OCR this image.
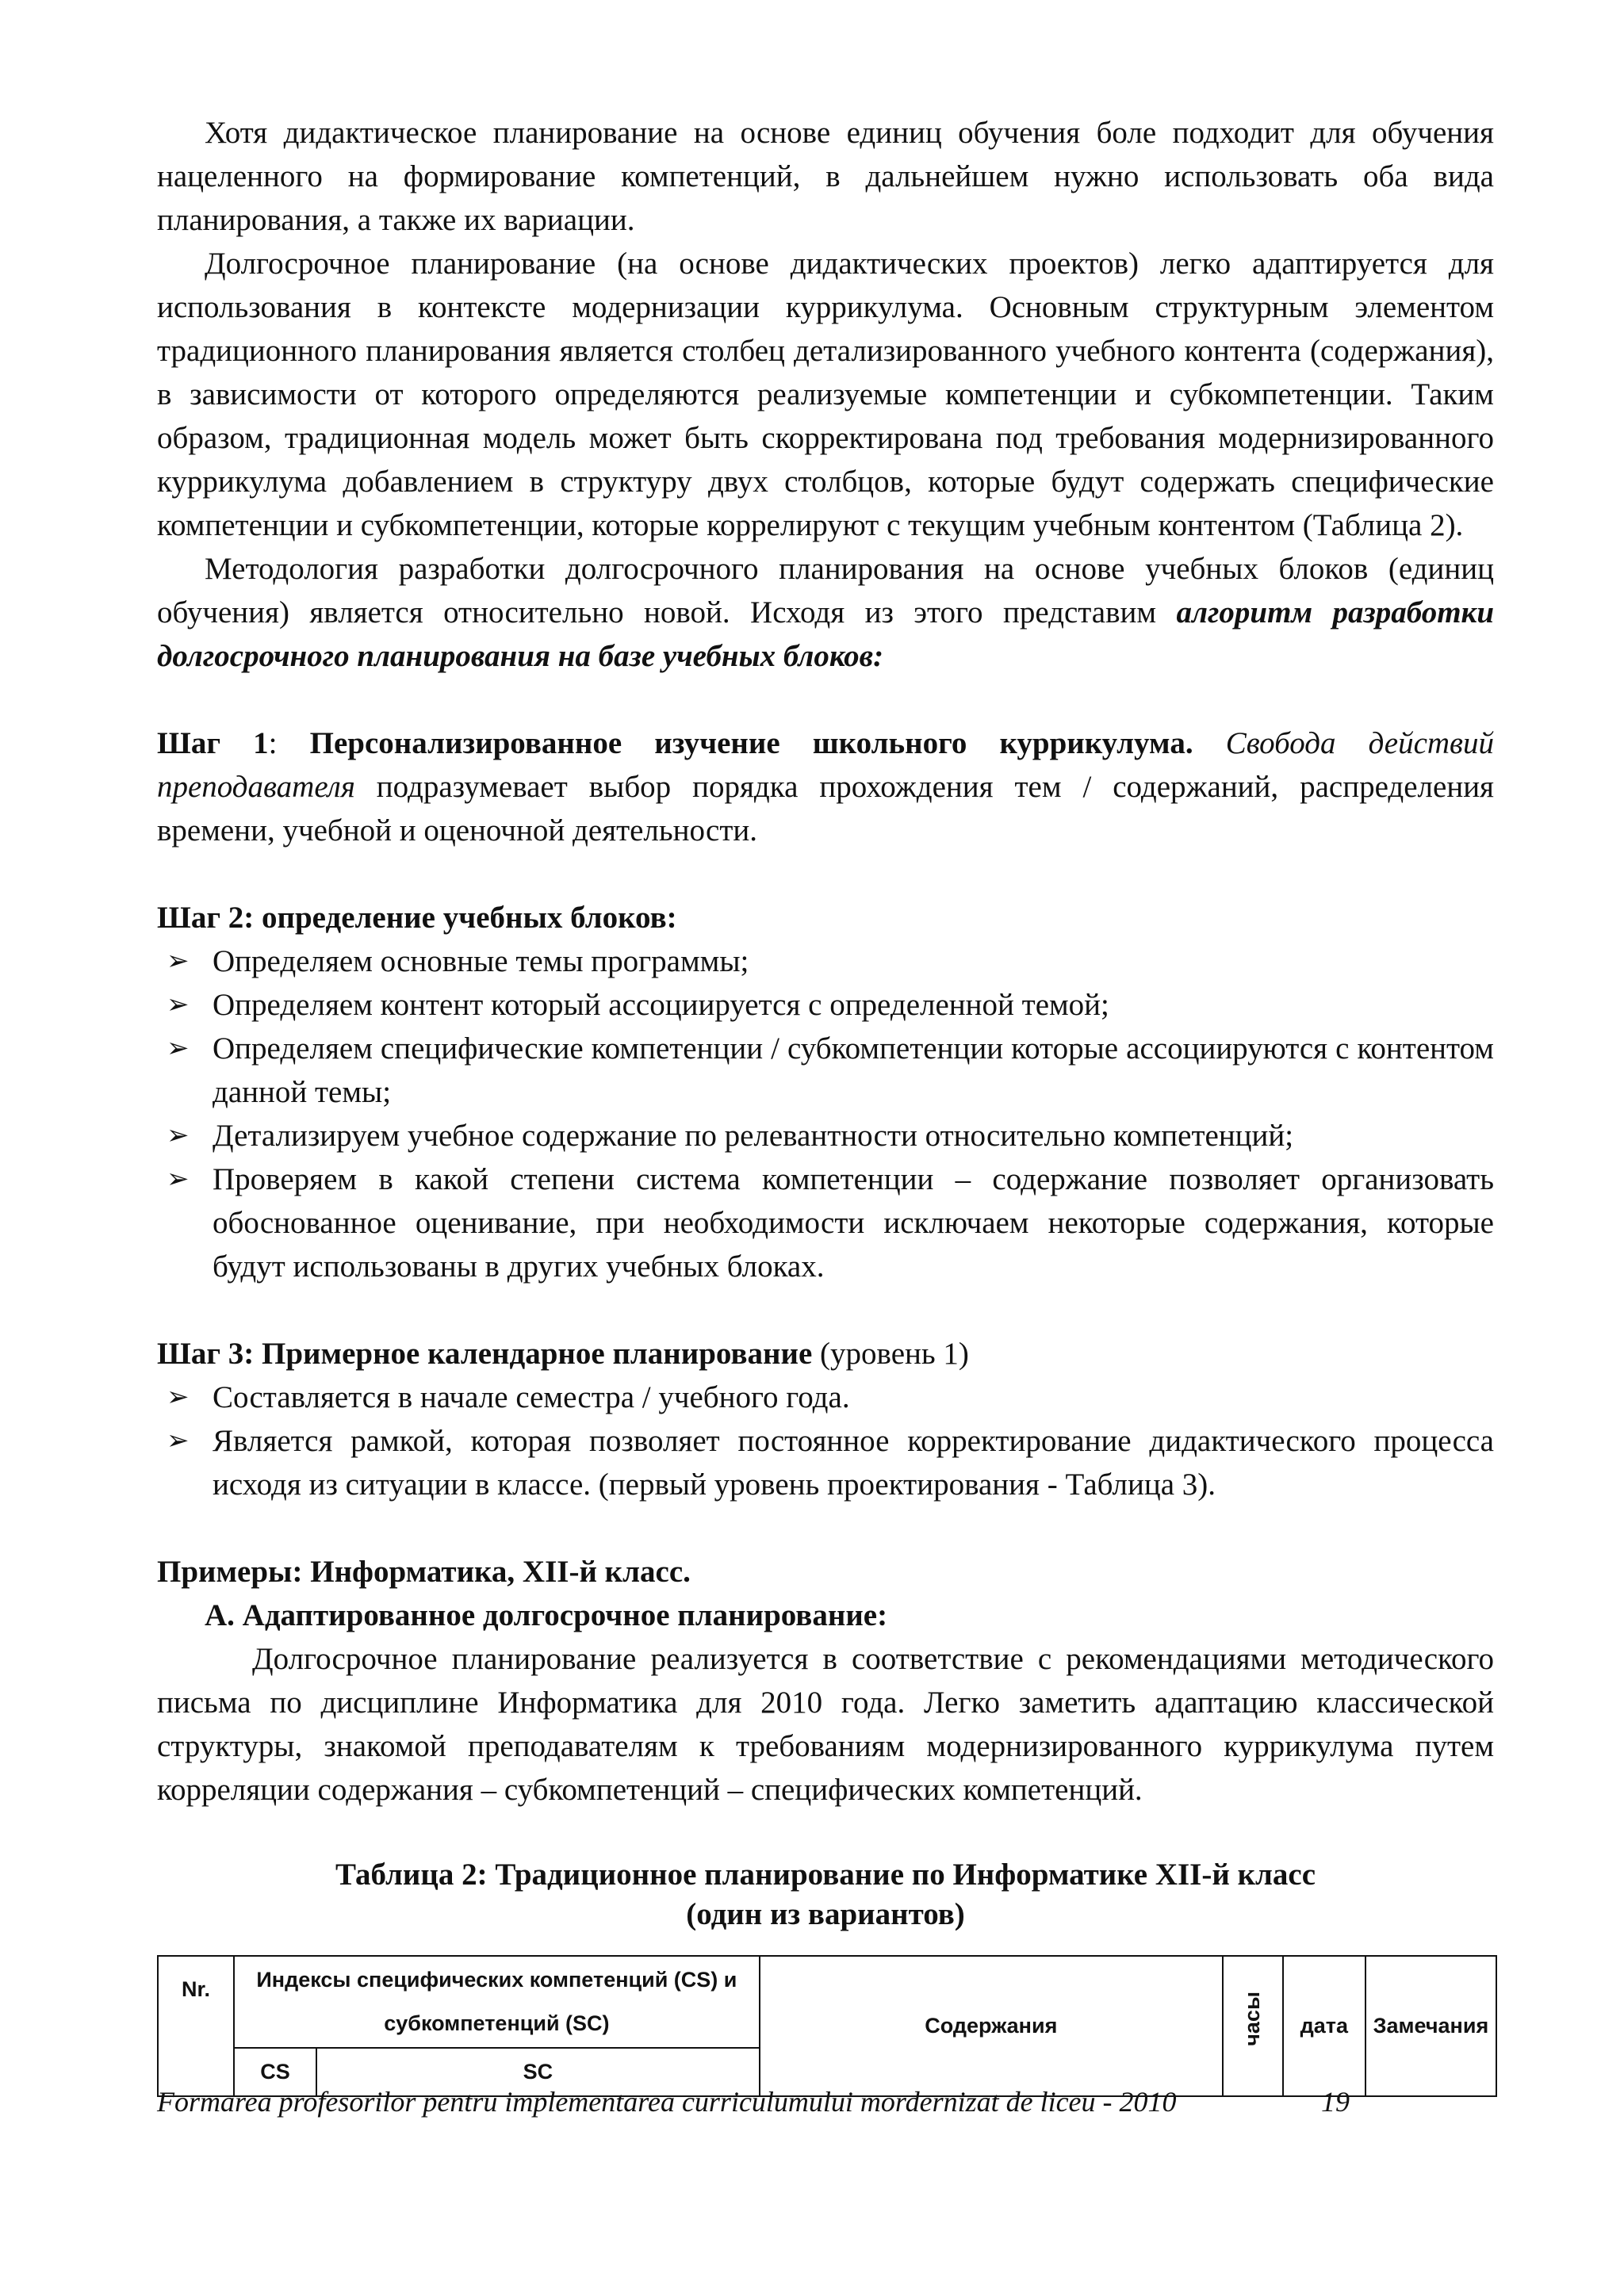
Хотя дидактическое планирование на основе единиц обучения боле подходит для обучения нацеленного на формирование компетенций, в дальнейшем нужно использовать оба вида планирования, а также их вариации.

Долгосрочное планирование (на основе дидактических проектов) легко адаптируется для использования в контексте модернизации куррикулума. Основным структурным элементом традиционного планирования является столбец детализированного учебного контента (содержания), в зависимости от которого определяются реализуемые компетенции и субкомпетенции. Таким образом, традиционная модель может быть скорректирована под требования модернизированного куррикулума добавлением в структуру двух столбцов, которые будут содержать специфические компетенции и субкомпетенции, которые коррелируют с текущим учебным контентом (Таблица 2).

Методология разработки долгосрочного планирования на основе учебных блоков (единиц обучения) является относительно новой. Исходя из этого представим алгоритм разработки долгосрочного планирования на базе учебных блоков:

Шаг 1: Персонализированное изучение школьного куррикулума. Свобода действий преподавателя подразумевает выбор порядка прохождения тем / содержаний, распределения времени, учебной и оценочной деятельности.

Шаг 2: определение учебных блоков:

➢ Определяем основные темы программы;
➢ Определяем контент который ассоциируется с определенной темой;
➢ Определяем специфические компетенции / субкомпетенции которые ассоциируются с контентом данной темы;
➢ Детализируем учебное содержание по релевантности относительно компетенций;
➢ Проверяем в какой степени система компетенции – содержание позволяет организовать обоснованное оценивание, при необходимости исключаем некоторые содержания, которые будут использованы в других учебных блоках.

Шаг 3: Примерное календарное планирование (уровень 1)

➢ Составляется в начале семестра / учебного года.
➢ Является рамкой, которая позволяет постоянное корректирование дидактического процесса исходя из ситуации в классе. (первый уровень проектирования - Таблица 3).

Примеры: Информатика, XII-й класс.

A. Адаптированное долгосрочное планирование:

Долгосрочное планирование реализуется в соответствие с рекомендациями методического письма по дисциплине Информатика для 2010 года. Легко заметить адаптацию классической структуры, знакомой преподавателям к требованиям модернизированного куррикулума путем корреляции содержания – субкомпетенций – специфических компетенций.

Таблица 2: Традиционное планирование по Информатике XII-й класс

(один из вариантов)

Nr.	Индексы специфических компетенций (CS) и субкомпетенций (SC)		Содержания	часы	дата	Замечания
	CS	SC				
Formarea profesorilor pentru implementarea curriculumului mordernizat de liceu - 2010	19
